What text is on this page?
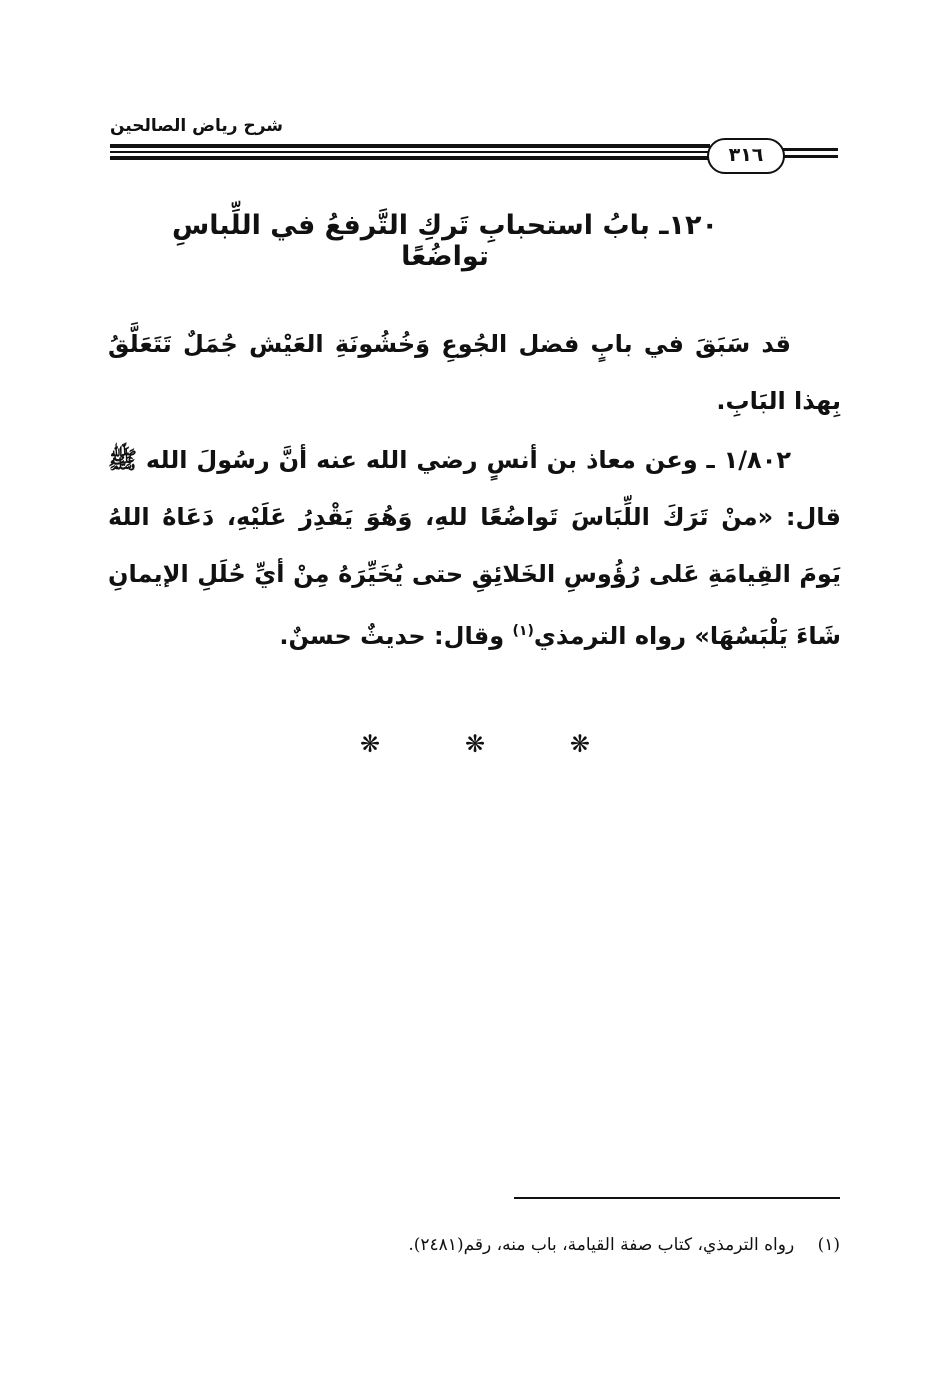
شرح رياض الصالحين
٣١٦
١٢٠ـ بابُ استحبابِ تَركِ التَّرفعُ في اللِّباسِ تواضُعًا
قد سَبَقَ في بابٍ فضل الجُوعِ وَخُشُونَةِ العَيْش جُمَلٌ تَتَعَلَّقُ بِهذا البَابِ.
١/٨٠٢ ـ وعن معاذ بن أنسٍ رضي الله عنه أنَّ رسُولَ الله ﷺ قال: «منْ تَرَكَ اللِّبَاسَ تَواضُعًا للهِ، وَهُوَ يَقْدِرُ عَلَيْهِ، دَعَاهُ اللهُ يَومَ القِيامَةِ عَلى رُؤُوسِ الخَلائِقِ حتى يُخَيِّرَهُ مِنْ أيِّ حُلَلِ الإيمانِ شَاءَ يَلْبَسُهَا» رواه الترمذي$^{(١)}$ وقال: حديثٌ حسنٌ.
❋	❋	❋
(١) رواه الترمذي، كتاب صفة القيامة، باب منه، رقم(٢٤٨١).
